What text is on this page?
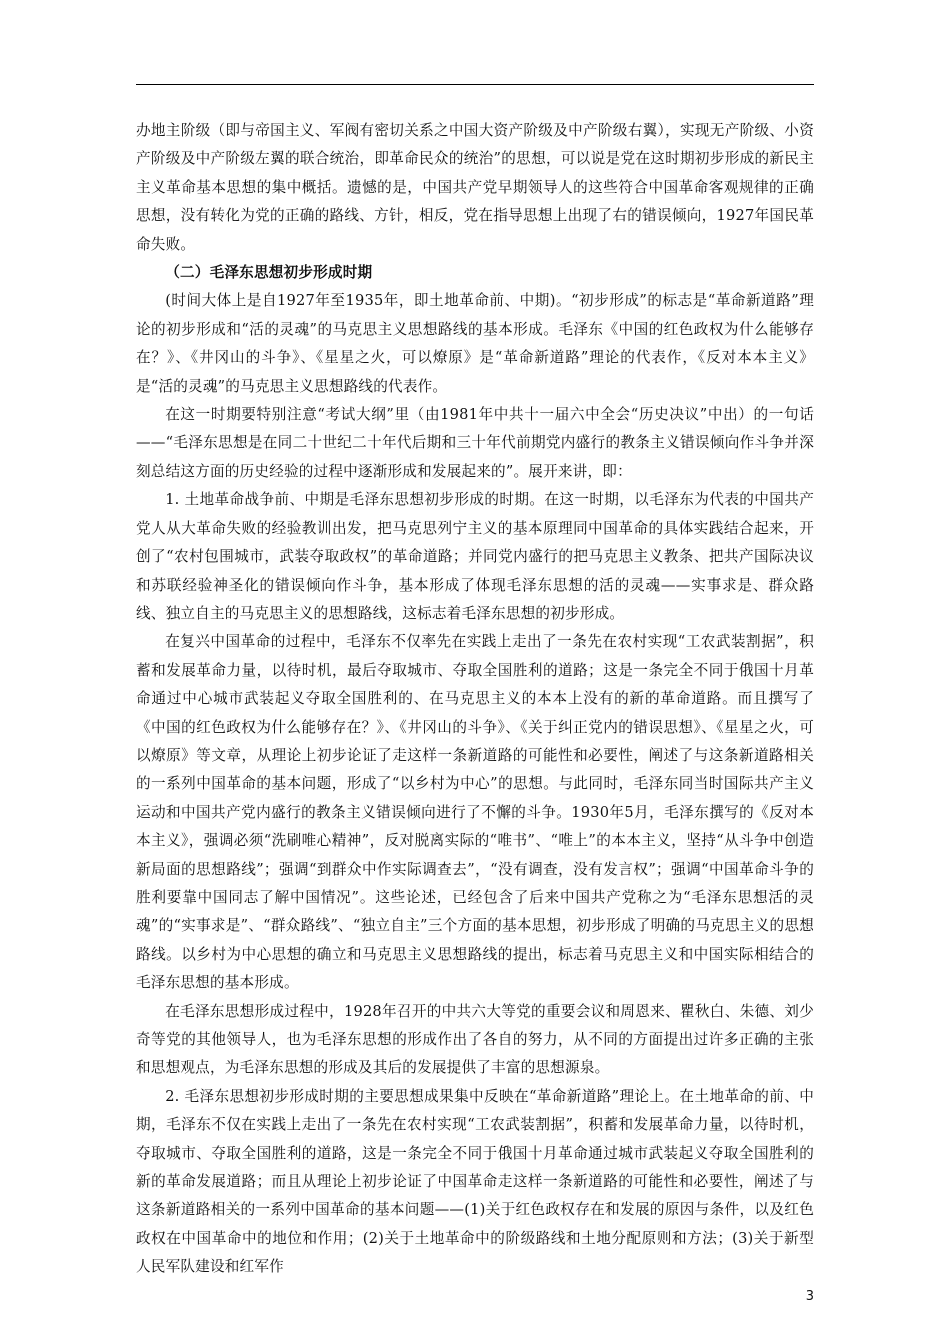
办地主阶级（即与帝国主义、军阀有密切关系之中国大资产阶级及中产阶级右翼），实现无产阶级、小资产阶级及中产阶级左翼的联合统治，即革命民众的统治”的思想，可以说是党在这时期初步形成的新民主主义革命基本思想的集中概括。遗憾的是，中国共产党早期领导人的这些符合中国革命客观规律的正确思想，没有转化为党的正确的路线、方针，相反，党在指导思想上出现了右的错误倾向，1927年国民革命失败。

（二）毛泽东思想初步形成时期

(时间大体上是自1927年至1935年，即土地革命前、中期)。“初步形成”的标志是“革命新道路”理论的初步形成和“活的灵魂”的马克思主义思想路线的基本形成。毛泽东《中国的红色政权为什么能够存在？》、《井冈山的斗争》、《星星之火，可以燎原》是“革命新道路”理论的代表作，《反对本本主义》是“活的灵魂”的马克思主义思想路线的代表作。

在这一时期要特别注意“考试大纲”里（由1981年中共十一届六中全会“历史决议”中出）的一句话——“毛泽东思想是在同二十世纪二十年代后期和三十年代前期党内盛行的教条主义错误倾向作斗争并深刻总结这方面的历史经验的过程中逐渐形成和发展起来的”。展开来讲，即：

1. 土地革命战争前、中期是毛泽东思想初步形成的时期。在这一时期，以毛泽东为代表的中国共产党人从大革命失败的经验教训出发，把马克思列宁主义的基本原理同中国革命的具体实践结合起来，开创了“农村包围城市，武装夺取政权”的革命道路；并同党内盛行的把马克思主义教条、把共产国际决议和苏联经验神圣化的错误倾向作斗争，基本形成了体现毛泽东思想的活的灵魂——实事求是、群众路线、独立自主的马克思主义的思想路线，这标志着毛泽东思想的初步形成。

在复兴中国革命的过程中，毛泽东不仅率先在实践上走出了一条先在农村实现“工农武装割据”，积蓄和发展革命力量，以待时机，最后夺取城市、夺取全国胜利的道路；这是一条完全不同于俄国十月革命通过中心城市武装起义夺取全国胜利的、在马克思主义的本本上没有的新的革命道路。而且撰写了《中国的红色政权为什么能够存在？》、《井冈山的斗争》、《关于纠正党内的错误思想》、《星星之火，可以燎原》等文章，从理论上初步论证了走这样一条新道路的可能性和必要性，阐述了与这条新道路相关的一系列中国革命的基本问题，形成了“以乡村为中心”的思想。与此同时，毛泽东同当时国际共产主义运动和中国共产党内盛行的教条主义错误倾向进行了不懈的斗争。1930年5月，毛泽东撰写的《反对本本主义》，强调必须“洗刷唯心精神”，反对脱离实际的“唯书”、“唯上”的本本主义，坚持“从斗争中创造新局面的思想路线”；强调“到群众中作实际调查去”，“没有调查，没有发言权”；强调“中国革命斗争的胜利要靠中国同志了解中国情况”。这些论述，已经包含了后来中国共产党称之为“毛泽东思想活的灵魂”的“实事求是”、“群众路线”、“独立自主”三个方面的基本思想，初步形成了明确的马克思主义的思想路线。以乡村为中心思想的确立和马克思主义思想路线的提出，标志着马克思主义和中国实际相结合的毛泽东思想的基本形成。

在毛泽东思想形成过程中，1928年召开的中共六大等党的重要会议和周恩来、瞿秋白、朱德、刘少奇等党的其他领导人，也为毛泽东思想的形成作出了各自的努力，从不同的方面提出过许多正确的主张和思想观点，为毛泽东思想的形成及其后的发展提供了丰富的思想源泉。

2. 毛泽东思想初步形成时期的主要思想成果集中反映在“革命新道路”理论上。在土地革命的前、中期，毛泽东不仅在实践上走出了一条先在农村实现“工农武装割据”，积蓄和发展革命力量，以待时机，夺取城市、夺取全国胜利的道路，这是一条完全不同于俄国十月革命通过城市武装起义夺取全国胜利的新的革命发展道路；而且从理论上初步论证了中国革命走这样一条新道路的可能性和必要性，阐述了与这条新道路相关的一系列中国革命的基本问题——(1)关于红色政权存在和发展的原因与条件，以及红色政权在中国革命中的地位和作用；(2)关于土地革命中的阶级路线和土地分配原则和方法；(3)关于新型人民军队建设和红军作

3
